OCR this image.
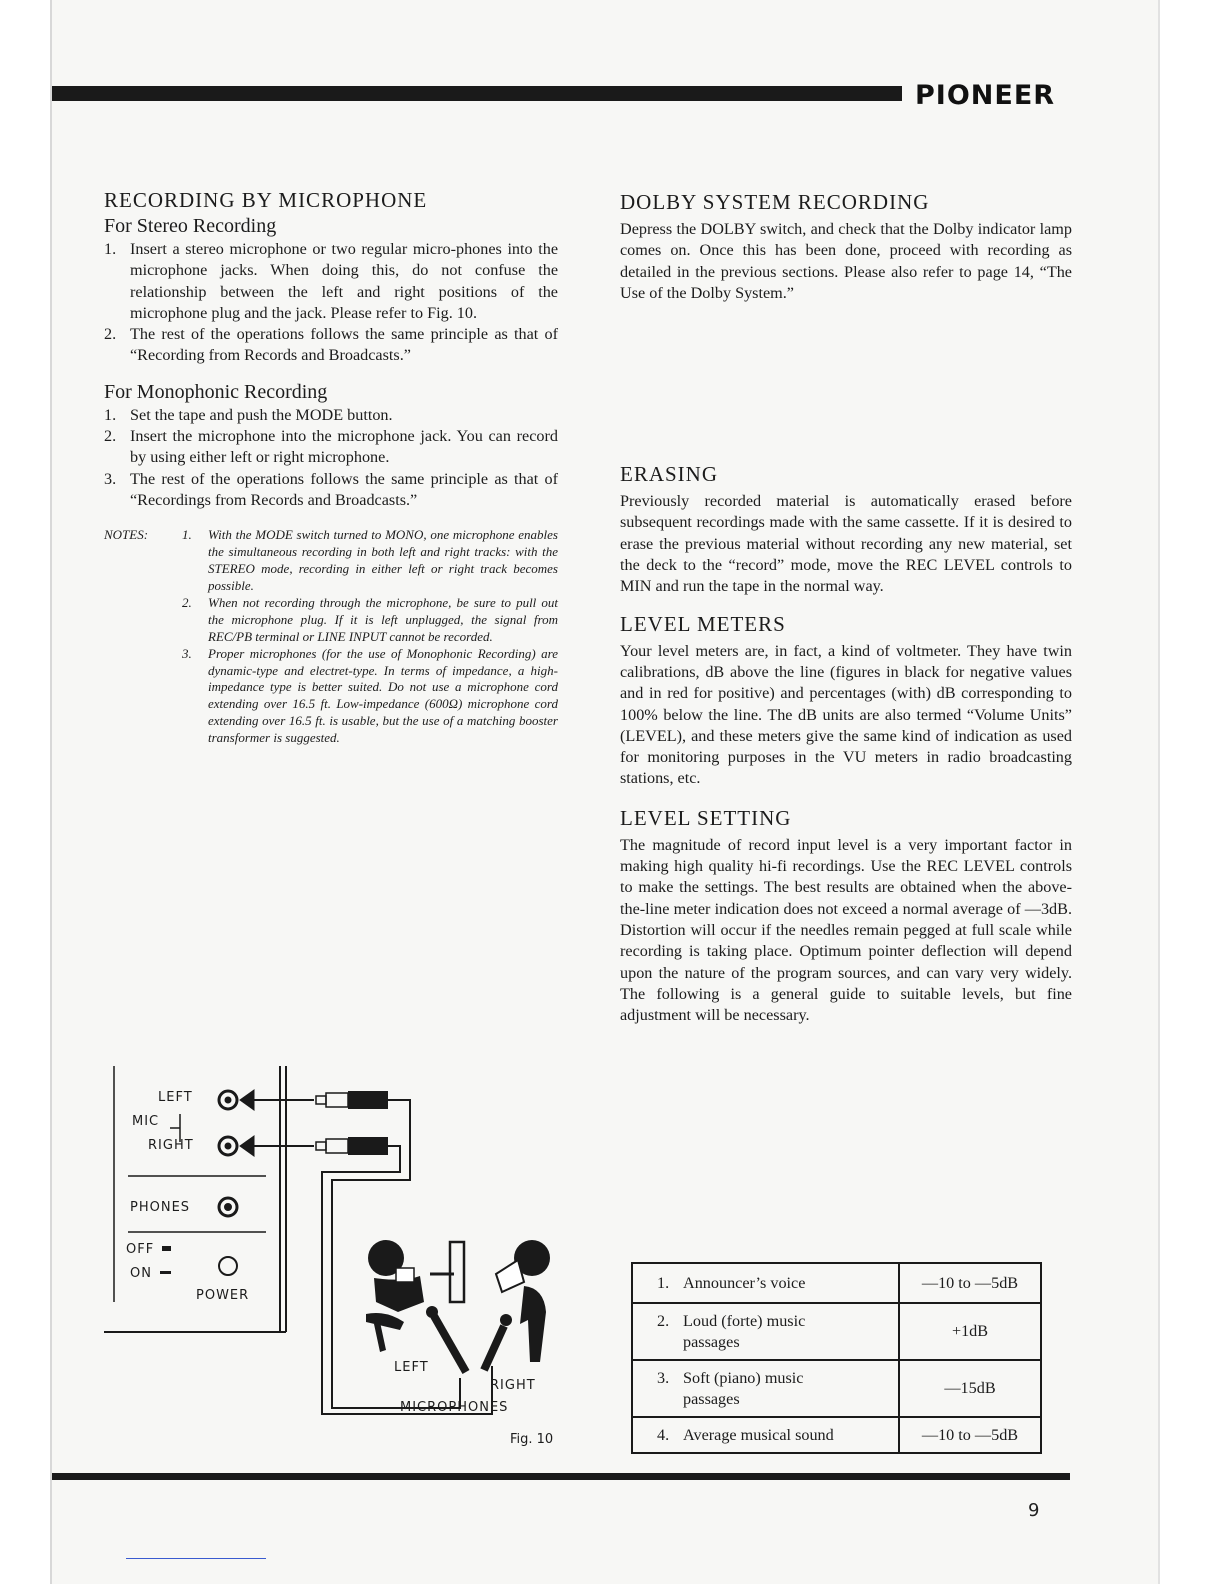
PIONEER
RECORDING BY MICROPHONE
For Stereo Recording
1. Insert a stereo microphone or two regular micro-phones into the microphone jacks. When doing this, do not confuse the relationship between the left and right positions of the microphone plug and the jack. Please refer to Fig. 10.
2. The rest of the operations follows the same principle as that of “Recording from Records and Broadcasts.”
For Monophonic Recording
1. Set the tape and push the MODE button.
2. Insert the microphone into the microphone jack. You can record by using either left or right microphone.
3. The rest of the operations follows the same principle as that of “Recordings from Records and Broadcasts.”
NOTES:	1. With the MODE switch turned to MONO, one microphone enables the simultaneous recording in both left and right tracks: with the STEREO mode, recording in either left or right track becomes possible.
2. When not recording through the microphone, be sure to pull out the microphone plug. If it is left unplugged, the signal from REC/PB terminal or LINE INPUT cannot be recorded.
3. Proper microphones (for the use of Monophonic Recording) are dynamic-type and electret-type. In terms of impedance, a high-impedance type is better suited. Do not use a microphone cord extending over 16.5 ft. Low-impedance (600Ω) microphone cord extending over 16.5 ft. is usable, but the use of a matching booster transformer is suggested.
LEFT
MIC
RIGHT
PHONES
OFF
ON
POWER
LEFT
RIGHT
MICROPHONES
Fig. 10
DOLBY SYSTEM RECORDING

Depress the DOLBY switch, and check that the Dolby indicator lamp comes on. Once this has been done, proceed with recording as detailed in the previous sections. Please also refer to page 14, “The Use of the Dolby System.”

ERASING

Previously recorded material is automatically erased before subsequent recordings made with the same cassette. If it is desired to erase the previous material without recording any new material, set the deck to the “record” mode, move the REC LEVEL controls to MIN and run the tape in the normal way.

LEVEL METERS

Your level meters are, in fact, a kind of voltmeter. They have twin calibrations, dB above the line (figures in black for negative values and in red for positive) and percentages (with) dB corresponding to 100% below the line. The dB units are also termed “Volume Units” (LEVEL), and these meters give the same kind of indication as used for monitoring purposes in the VU meters in radio broadcasting stations, etc.

LEVEL SETTING

The magnitude of record input level is a very important factor in making high quality hi-fi recordings. Use the REC LEVEL controls to make the settings. The best results are obtained when the above-the-line meter indication does not exceed a normal average of —3dB. Distortion will occur if the needles remain pegged at full scale while recording is taking place. Optimum pointer deflection will depend upon the nature of the program sources, and can vary very widely. The following is a general guide to suitable levels, but fine adjustment will be necessary.

1. Announcer’s voice	—10 to —5dB
2. Loud (forte) music passages	+1dB
3. Soft (piano) music passages	—15dB
4. Average musical sound	—10 to —5dB
9
